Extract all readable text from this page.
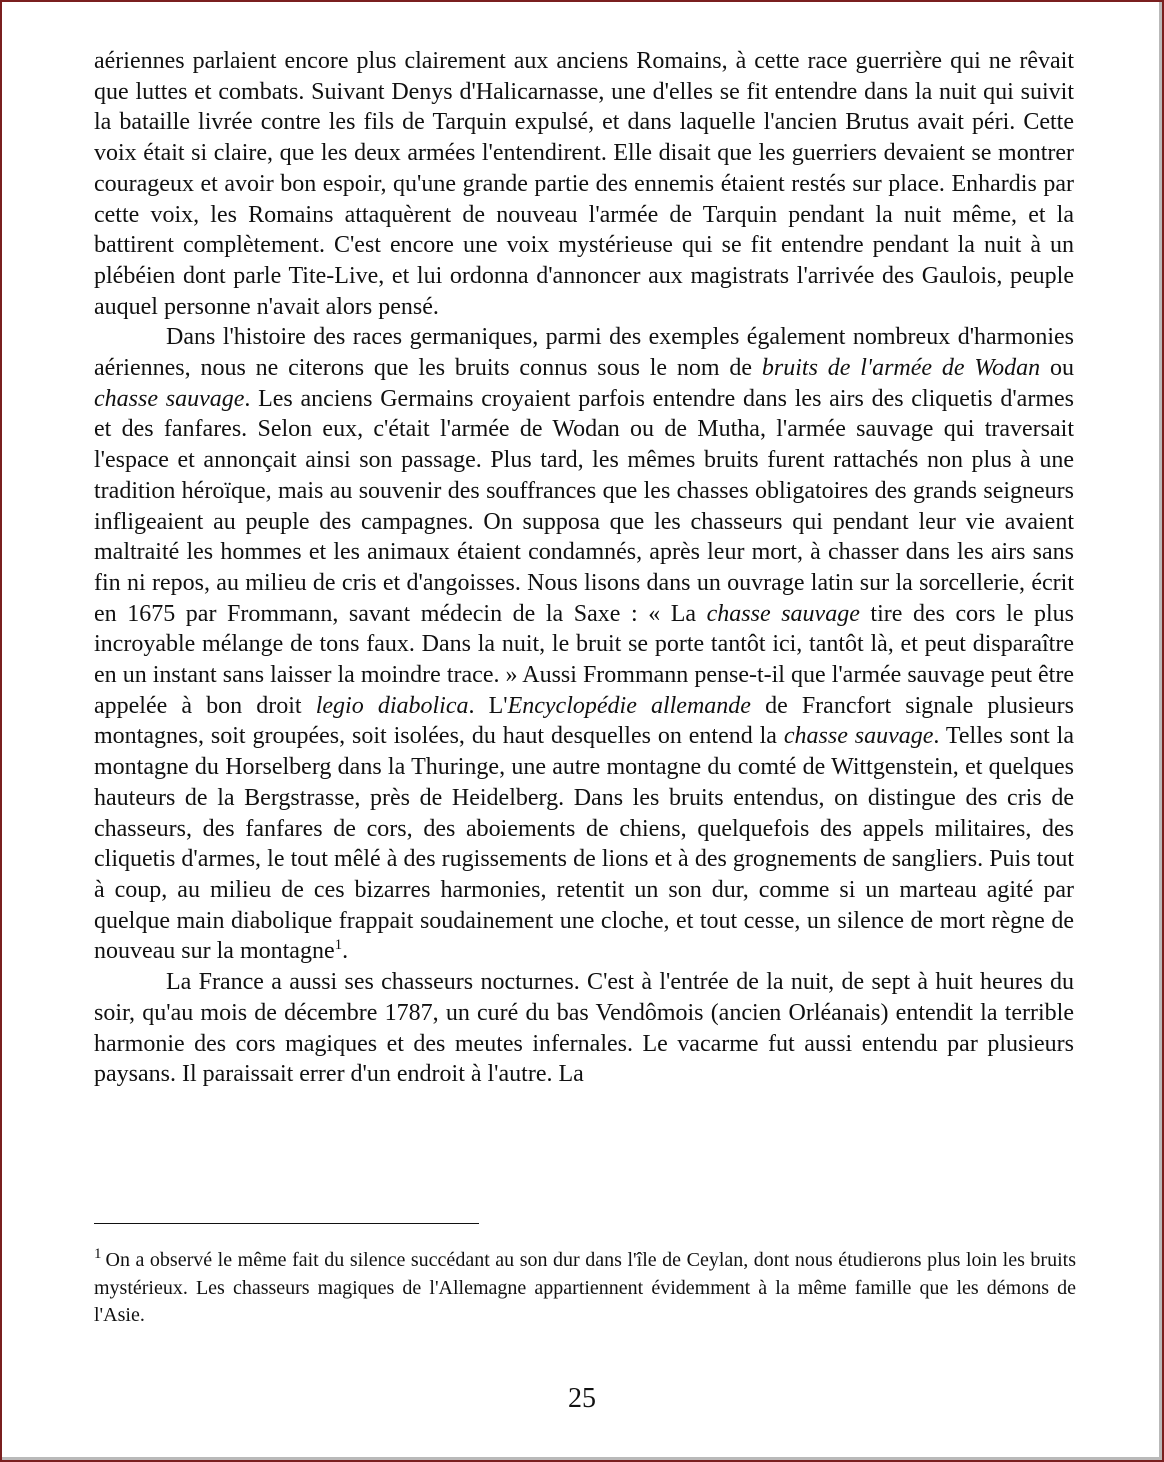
aériennes parlaient encore plus clairement aux anciens Romains, à cette race guerrière qui ne rêvait que luttes et combats. Suivant Denys d'Halicarnasse, une d'elles se fit entendre dans la nuit qui suivit la bataille livrée contre les fils de Tarquin expulsé, et dans laquelle l'ancien Brutus avait péri. Cette voix était si claire, que les deux armées l'entendirent. Elle disait que les guerriers devaient se montrer courageux et avoir bon espoir, qu'une grande partie des ennemis étaient restés sur place. Enhardis par cette voix, les Romains attaquèrent de nouveau l'armée de Tarquin pendant la nuit même, et la battirent complètement. C'est encore une voix mystérieuse qui se fit entendre pendant la nuit à un plébéien dont parle Tite-Live, et lui ordonna d'annoncer aux magistrats l'arrivée des Gaulois, peuple auquel personne n'avait alors pensé.

Dans l'histoire des races germaniques, parmi des exemples également nombreux d'harmonies aériennes, nous ne citerons que les bruits connus sous le nom de bruits de l'armée de Wodan ou chasse sauvage. Les anciens Germains croyaient parfois entendre dans les airs des cliquetis d'armes et des fanfares. Selon eux, c'était l'armée de Wodan ou de Mutha, l'armée sauvage qui traversait l'espace et annonçait ainsi son passage. Plus tard, les mêmes bruits furent rattachés non plus à une tradition héroïque, mais au souvenir des souffrances que les chasses obligatoires des grands seigneurs infligeaient au peuple des campagnes. On supposa que les chasseurs qui pendant leur vie avaient maltraité les hommes et les animaux étaient condamnés, après leur mort, à chasser dans les airs sans fin ni repos, au milieu de cris et d'angoisses. Nous lisons dans un ouvrage latin sur la sorcellerie, écrit en 1675 par Frommann, savant médecin de la Saxe : « La chasse sauvage tire des cors le plus incroyable mélange de tons faux. Dans la nuit, le bruit se porte tantôt ici, tantôt là, et peut disparaître en un instant sans laisser la moindre trace. » Aussi Frommann pense-t-il que l'armée sauvage peut être appelée à bon droit legio diabolica. L'Encyclopédie allemande de Francfort signale plusieurs montagnes, soit groupées, soit isolées, du haut desquelles on entend la chasse sauvage. Telles sont la montagne du Horselberg dans la Thuringe, une autre montagne du comté de Wittgenstein, et quelques hauteurs de la Bergstrasse, près de Heidelberg. Dans les bruits entendus, on distingue des cris de chasseurs, des fanfares de cors, des aboiements de chiens, quelquefois des appels militaires, des cliquetis d'armes, le tout mêlé à des rugissements de lions et à des grognements de sangliers. Puis tout à coup, au milieu de ces bizarres harmonies, retentit un son dur, comme si un marteau agité par quelque main diabolique frappait soudainement une cloche, et tout cesse, un silence de mort règne de nouveau sur la montagne$^1$.

La France a aussi ses chasseurs nocturnes. C'est à l'entrée de la nuit, de sept à huit heures du soir, qu'au mois de décembre 1787, un curé du bas Vendômois (ancien Orléanais) entendit la terrible harmonie des cors magiques et des meutes infernales. Le vacarme fut aussi entendu par plusieurs paysans. Il paraissait errer d'un endroit à l'autre. La

$^1$ On a observé le même fait du silence succédant au son dur dans l'île de Ceylan, dont nous étudierons plus loin les bruits mystérieux. Les chasseurs magiques de l'Allemagne appartiennent évidemment à la même famille que les démons de l'Asie.

25
